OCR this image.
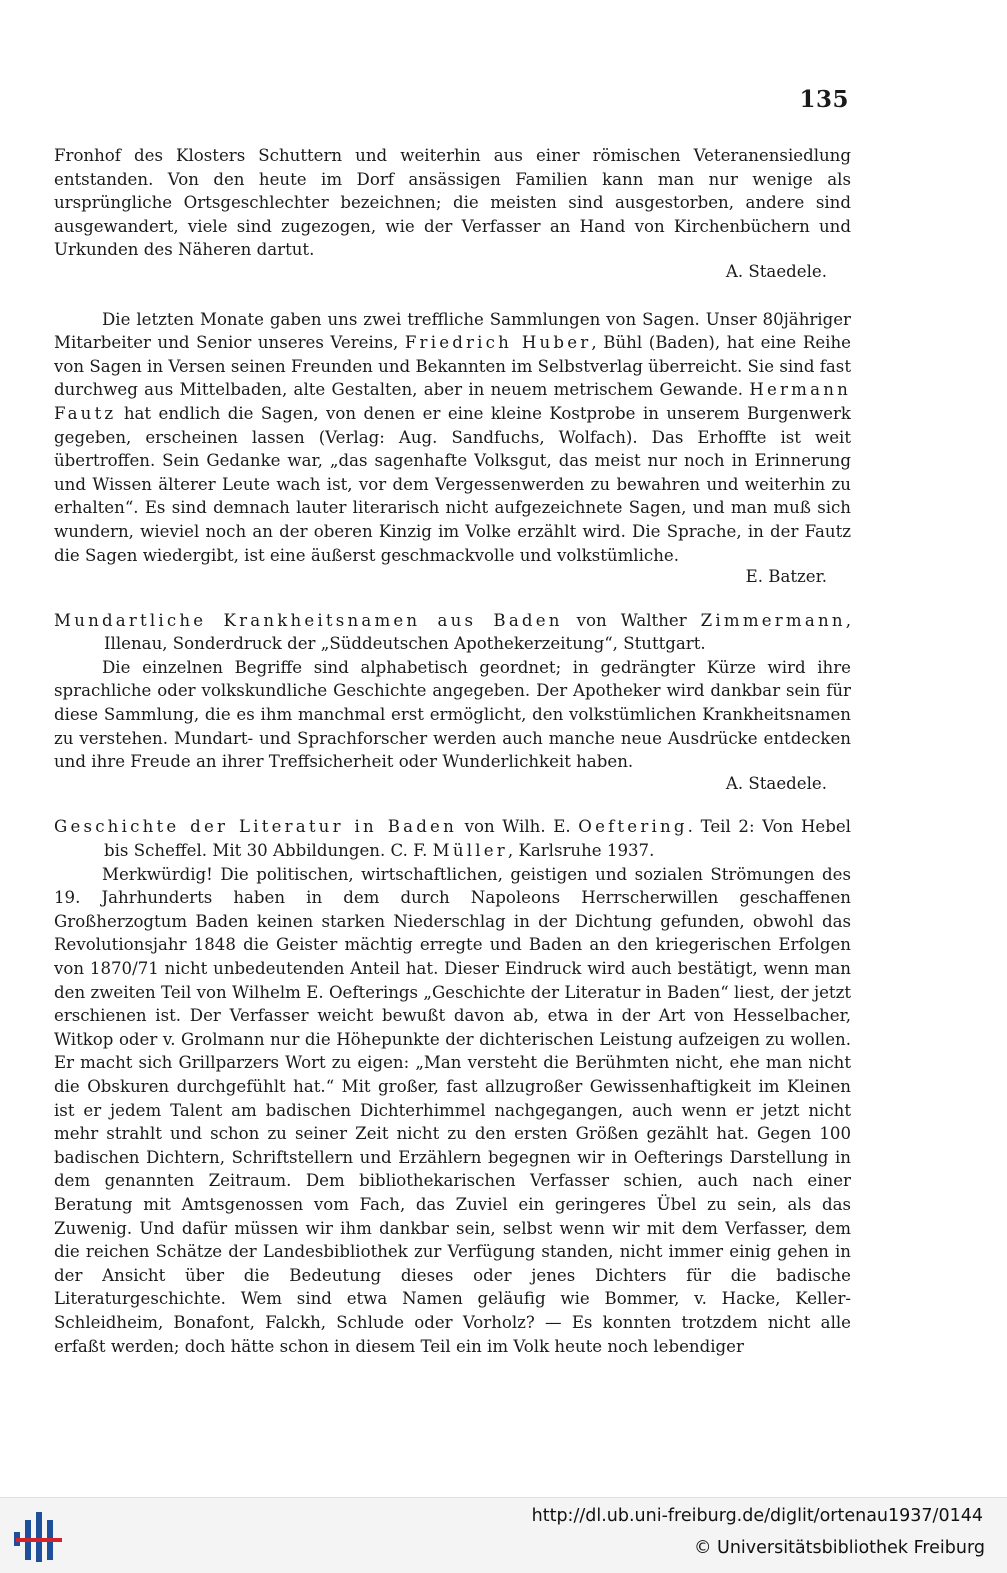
135

Fronhof des Klosters Schuttern und weiterhin aus einer römischen Veteranensiedlung entstanden. Von den heute im Dorf ansässigen Familien kann man nur wenige als ursprüngliche Ortsgeschlechter bezeichnen; die meisten sind ausgestorben, andere sind ausgewandert, viele sind zugezogen, wie der Verfasser an Hand von Kirchenbüchern und Urkunden des Näheren dartut.

A. Staedele.

Die letzten Monate gaben uns zwei treffliche Sammlungen von Sagen. Unser 80jähriger Mitarbeiter und Senior unseres Vereins, Friedrich Huber, Bühl (Baden), hat eine Reihe von Sagen in Versen seinen Freunden und Bekannten im Selbstverlag überreicht. Sie sind fast durchweg aus Mittelbaden, alte Gestalten, aber in neuem metrischem Gewande. Hermann Fautz hat endlich die Sagen, von denen er eine kleine Kostprobe in unserem Burgenwerk gegeben, erscheinen lassen (Verlag: Aug. Sandfuchs, Wolfach). Das Erhoffte ist weit übertroffen. Sein Gedanke war, „das sagenhafte Volksgut, das meist nur noch in Erinnerung und Wissen älterer Leute wach ist, vor dem Vergessenwerden zu bewahren und weiterhin zu erhalten“. Es sind demnach lauter literarisch nicht aufgezeichnete Sagen, und man muß sich wundern, wieviel noch an der oberen Kinzig im Volke erzählt wird. Die Sprache, in der Fautz die Sagen wiedergibt, ist eine äußerst geschmackvolle und volkstümliche.

E. Batzer.

Mundartliche Krankheitsnamen aus Baden von Walther Zimmermann, Illenau, Sonderdruck der „Süddeutschen Apothekerzeitung“, Stuttgart.

Die einzelnen Begriffe sind alphabetisch geordnet; in gedrängter Kürze wird ihre sprachliche oder volkskundliche Geschichte angegeben. Der Apotheker wird dankbar sein für diese Sammlung, die es ihm manchmal erst ermöglicht, den volkstümlichen Krankheitsnamen zu verstehen. Mundart- und Sprachforscher werden auch manche neue Ausdrücke entdecken und ihre Freude an ihrer Treffsicherheit oder Wunderlichkeit haben.

A. Staedele.

Geschichte der Literatur in Baden von Wilh. E. Oeftering. Teil 2: Von Hebel bis Scheffel. Mit 30 Abbildungen. C. F. Müller, Karlsruhe 1937.

Merkwürdig! Die politischen, wirtschaftlichen, geistigen und sozialen Strömungen des 19. Jahrhunderts haben in dem durch Napoleons Herrscherwillen geschaffenen Großherzogtum Baden keinen starken Niederschlag in der Dichtung gefunden, obwohl das Revolutionsjahr 1848 die Geister mächtig erregte und Baden an den kriegerischen Erfolgen von 1870/71 nicht unbedeutenden Anteil hat. Dieser Eindruck wird auch bestätigt, wenn man den zweiten Teil von Wilhelm E. Oefterings „Geschichte der Literatur in Baden“ liest, der jetzt erschienen ist. Der Verfasser weicht bewußt davon ab, etwa in der Art von Hesselbacher, Witkop oder v. Grolmann nur die Höhepunkte der dichterischen Leistung aufzeigen zu wollen. Er macht sich Grillparzers Wort zu eigen: „Man versteht die Berühmten nicht, ehe man nicht die Obskuren durchgefühlt hat.“ Mit großer, fast allzugroßer Gewissenhaftigkeit im Kleinen ist er jedem Talent am badischen Dichterhimmel nachgegangen, auch wenn er jetzt nicht mehr strahlt und schon zu seiner Zeit nicht zu den ersten Größen gezählt hat. Gegen 100 badischen Dichtern, Schriftstellern und Erzählern begegnen wir in Oefterings Darstellung in dem genannten Zeitraum. Dem bibliothekarischen Verfasser schien, auch nach einer Beratung mit Amtsgenossen vom Fach, das Zuviel ein geringeres Übel zu sein, als das Zuwenig. Und dafür müssen wir ihm dankbar sein, selbst wenn wir mit dem Verfasser, dem die reichen Schätze der Landesbibliothek zur Verfügung standen, nicht immer einig gehen in der Ansicht über die Bedeutung dieses oder jenes Dichters für die badische Literaturgeschichte. Wem sind etwa Namen geläufig wie Bommer, v. Hacke, Keller-Schleidheim, Bonafont, Falckh, Schlude oder Vorholz? — Es konnten trotzdem nicht alle erfaßt werden; doch hätte schon in diesem Teil ein im Volk heute noch lebendiger

http://dl.ub.uni-freiburg.de/diglit/ortenau1937/0144
© Universitätsbibliothek Freiburg
